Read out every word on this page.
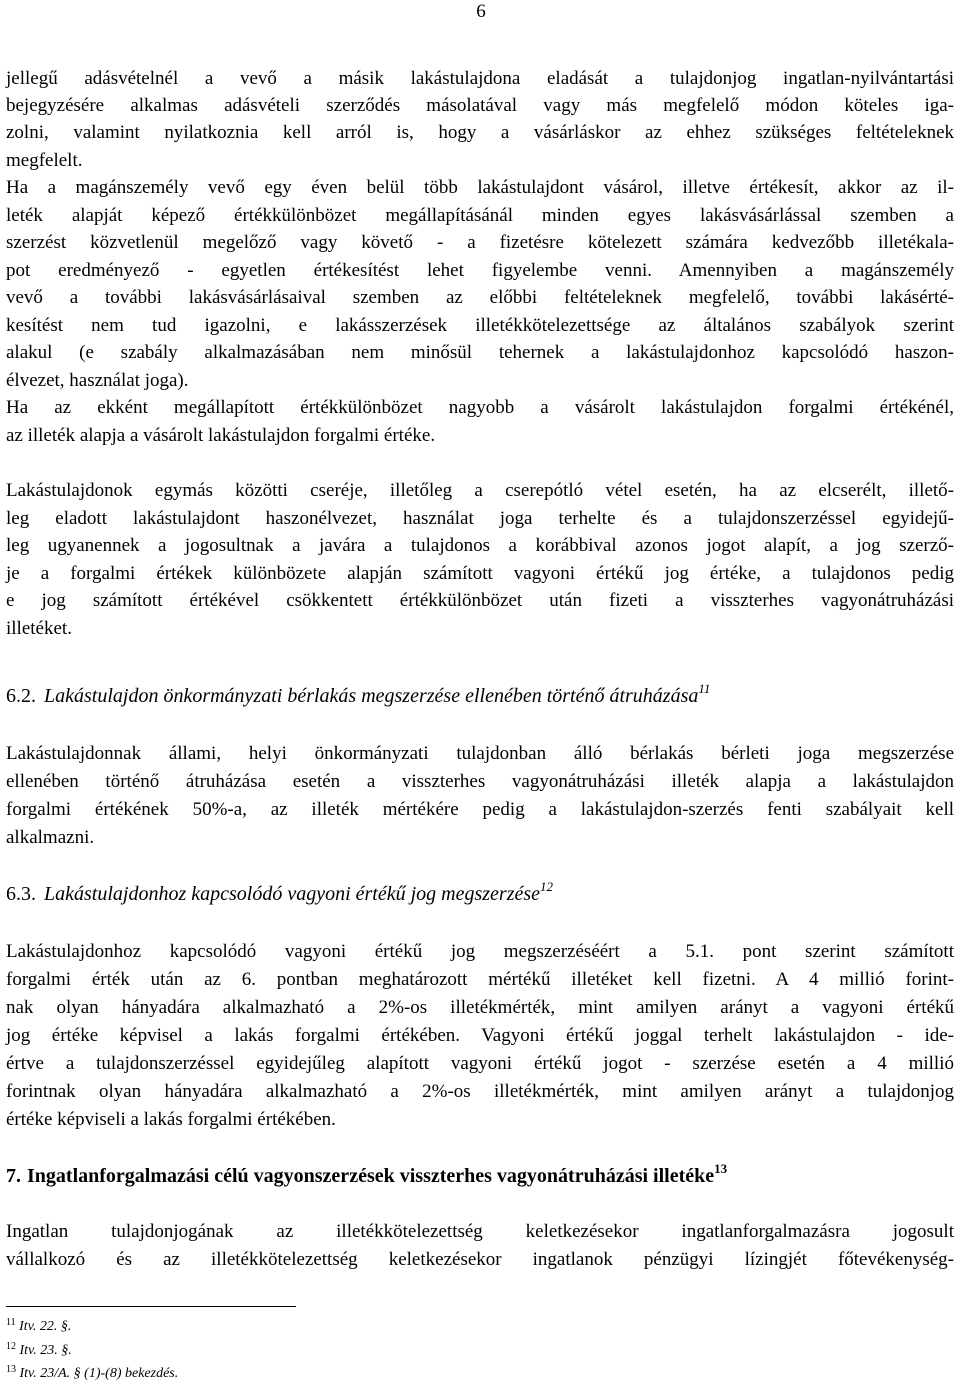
6
jellegű adásvételnél a vevő a másik lakástulajdona eladását a tulajdonjog ingatlan-nyilvántartási
bejegyzésére alkalmas adásvételi szerződés másolatával vagy más megfelelő módon köteles iga-
zolni, valamint nyilatkoznia kell arról is, hogy a vásárláskor az ehhez szükséges feltételeknek
megfelelt.
Ha a magánszemély vevő egy éven belül több lakástulajdont vásárol, illetve értékesít, akkor az il-
leték alapját képező értékkülönbözet megállapításánál minden egyes lakásvásárlással szemben a
szerzést közvetlenül megelőző vagy követő - a fizetésre kötelezett számára kedvezőbb illetékala-
pot eredményező - egyetlen értékesítést lehet figyelembe venni. Amennyiben a magánszemély
vevő a további lakásvásárlásaival szemben az előbbi feltételeknek megfelelő, további lakásérté-
kesítést nem tud igazolni, e lakásszerzések illetékkötelezettsége az általános szabályok szerint
alakul (e szabály alkalmazásában nem minősül tehernek a lakástulajdonhoz kapcsolódó haszon-
élvezet, használat joga).
Ha az ekként megállapított értékkülönbözet nagyobb a vásárolt lakástulajdon forgalmi értékénél,
az illeték alapja a vásárolt lakástulajdon forgalmi értéke.
Lakástulajdonok egymás közötti cseréje, illetőleg a cserepótló vétel esetén, ha az elcserélt, illető-
leg eladott lakástulajdont haszonélvezet, használat joga terhelte és a tulajdonszerzéssel egyidejű-
leg ugyanennek a jogosultnak a javára a tulajdonos a korábbival azonos jogot alapít, a jog szerző-
je a forgalmi értékek különbözete alapján számított vagyoni értékű jog értéke, a tulajdonos pedig
e jog számított értékével csökkentett értékkülönbözet után fizeti a visszterhes vagyonátruházási
illetéket.
6.2. Lakástulajdon önkormányzati bérlakás megszerzése ellenében történő átruházása$^{11}$
Lakástulajdonnak állami, helyi önkormányzati tulajdonban álló bérlakás bérleti joga megszerzése
ellenében történő átruházása esetén a visszterhes vagyonátruházási illeték alapja a lakástulajdon
forgalmi értékének 50%-a, az illeték mértékére pedig a lakástulajdon-szerzés fenti szabályait kell
alkalmazni.
6.3. Lakástulajdonhoz kapcsolódó vagyoni értékű jog megszerzése$^{12}$
Lakástulajdonhoz kapcsolódó vagyoni értékű jog megszerzéséért a 5.1. pont szerint számított
forgalmi érték után az 6. pontban meghatározott mértékű illetéket kell fizetni. A 4 millió forint-
nak olyan hányadára alkalmazható a 2%-os illetékmérték, mint amilyen arányt a vagyoni értékű
jog értéke képvisel a lakás forgalmi értékében. Vagyoni értékű joggal terhelt lakástulajdon - ide-
értve a tulajdonszerzéssel egyidejűleg alapított vagyoni értékű jogot - szerzése esetén a 4 millió
forintnak olyan hányadára alkalmazható a 2%-os illetékmérték, mint amilyen arányt a tulajdonjog
értéke képviseli a lakás forgalmi értékében.
7. Ingatlanforgalmazási célú vagyonszerzések visszterhes vagyonátruházási illetéke$^{13}$
Ingatlan tulajdonjogának az illetékkötelezettség keletkezésekor ingatlanforgalmazásra jogosult
vállalkozó és az illetékkötelezettség keletkezésekor ingatlanok pénzügyi lízingjét főtevékenység-
$^{11}$ Itv. 22. §.
$^{12}$ Itv. 23. §.
$^{13}$ Itv. 23/A. § (1)-(8) bekezdés.
